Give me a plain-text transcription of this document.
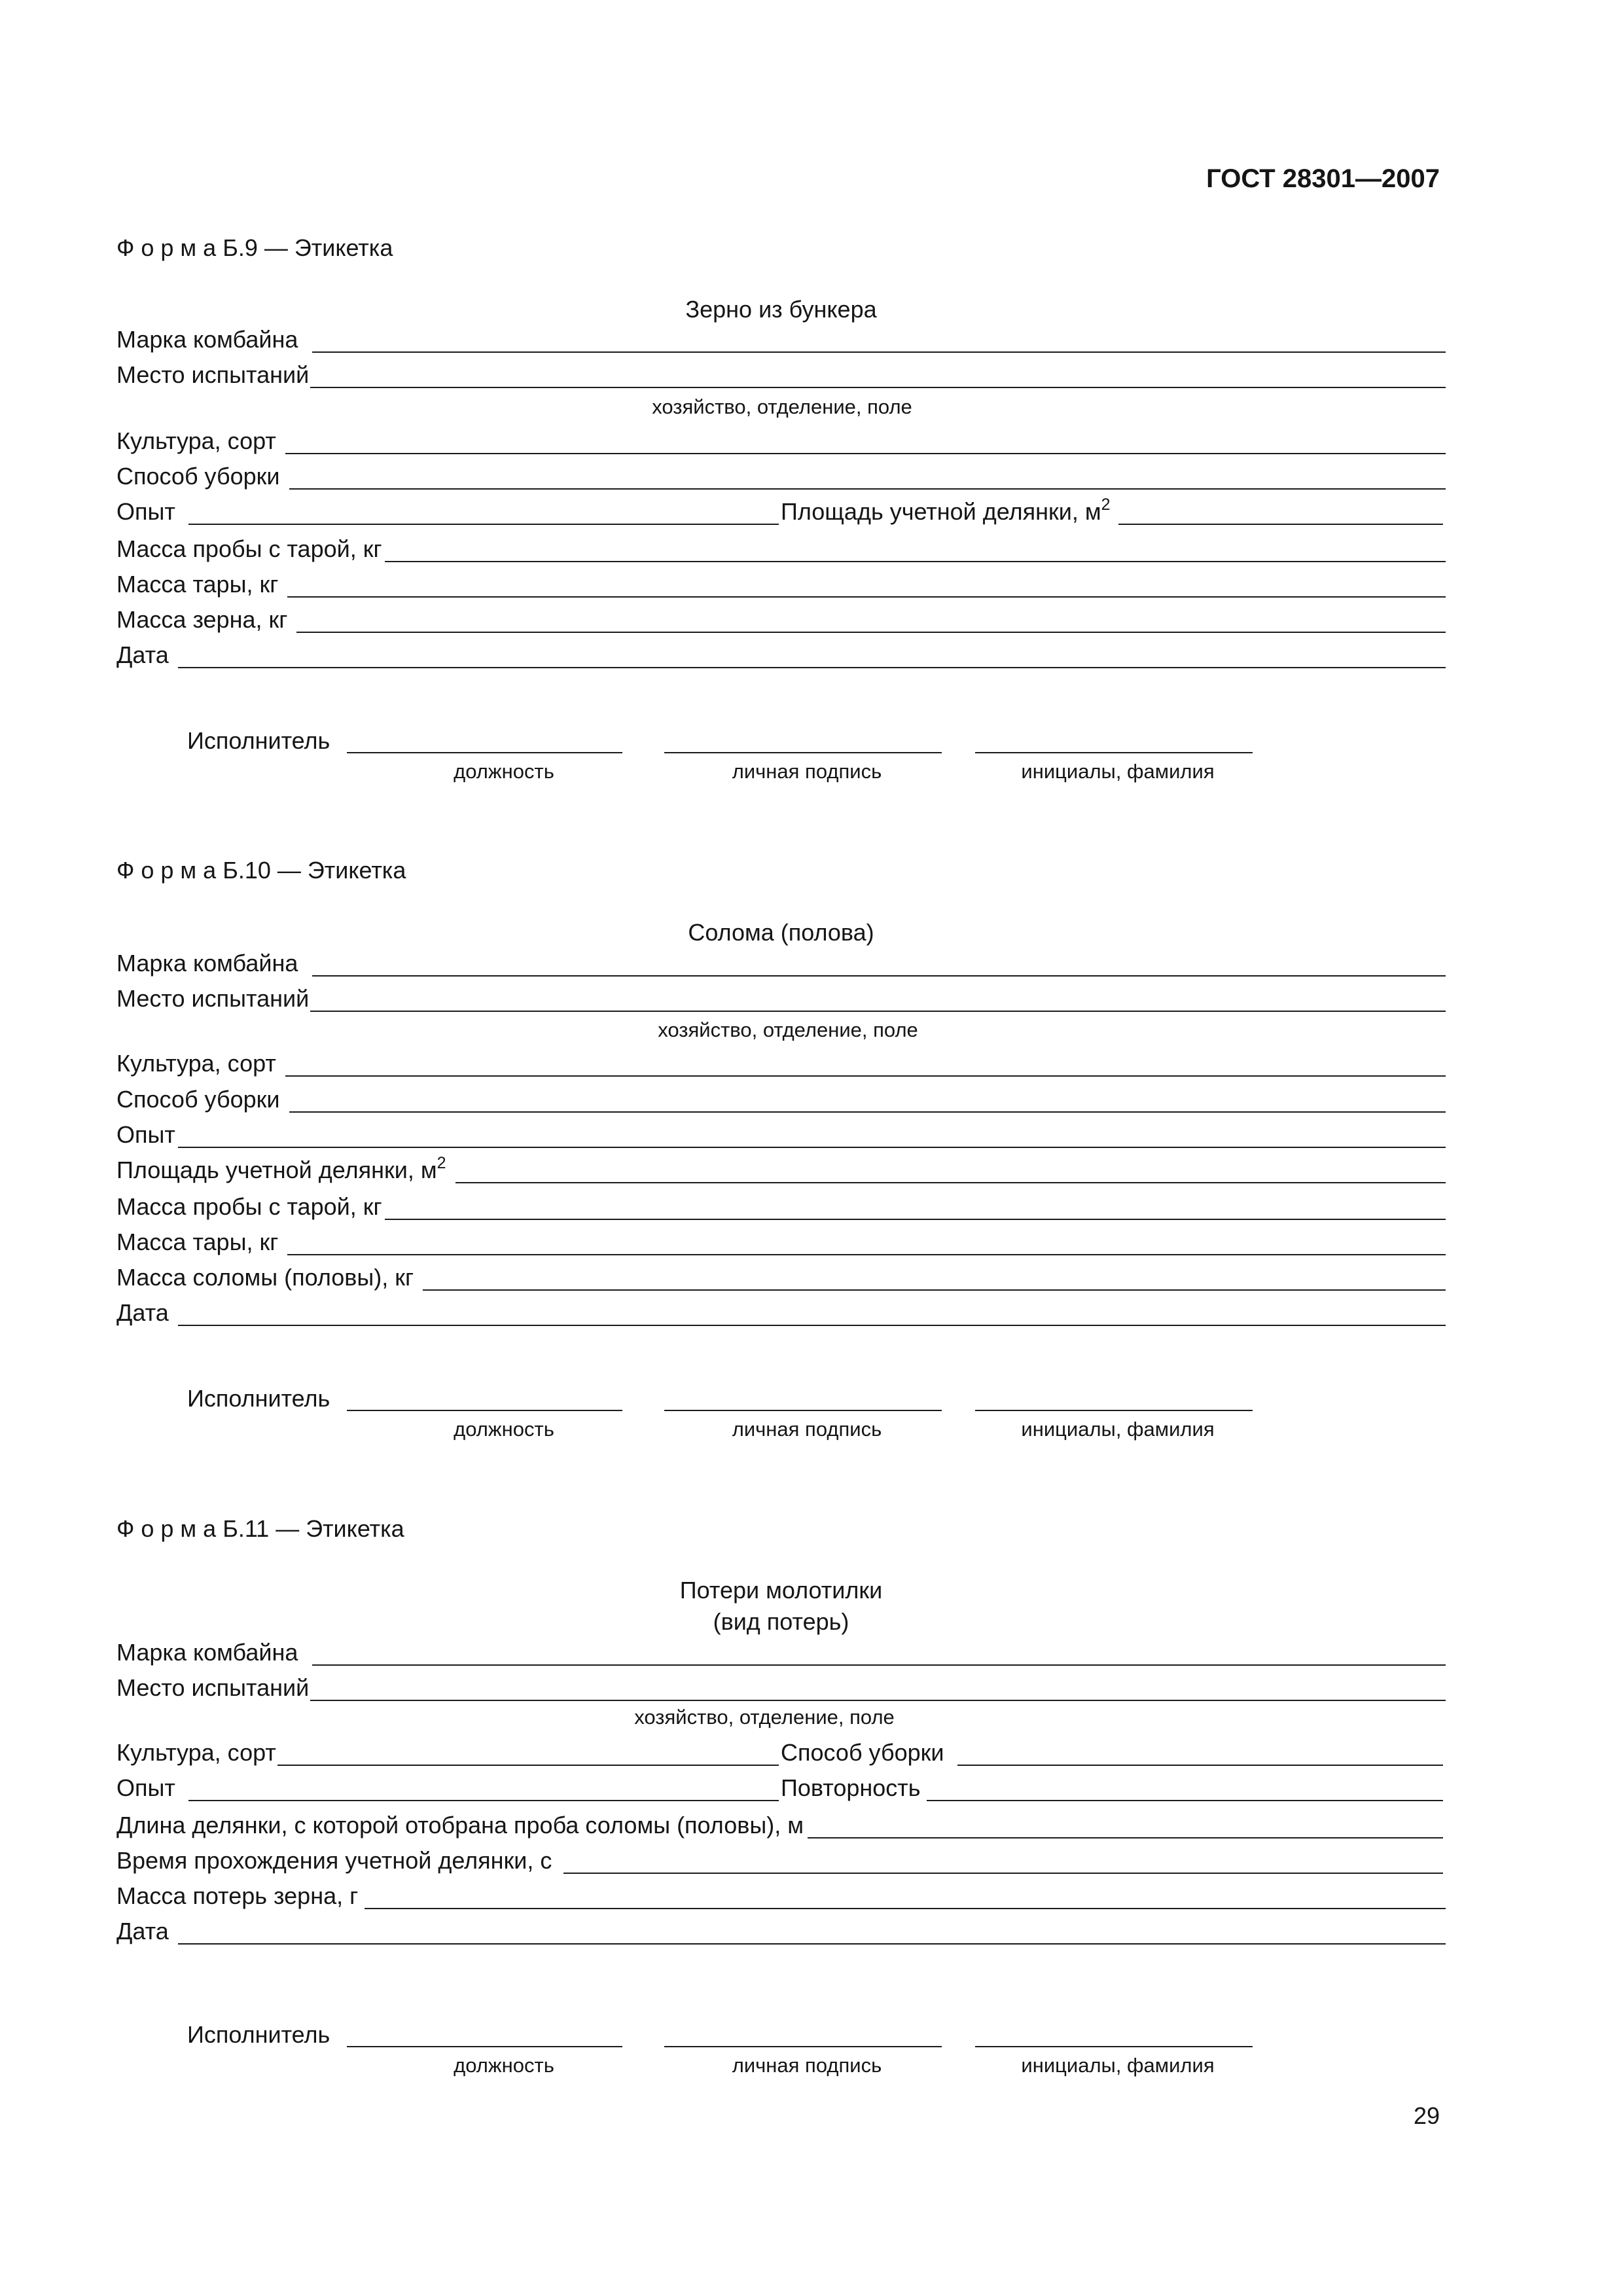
ГОСТ 28301—2007
Ф о р м а Б.9 — Этикетка
Зерно из бункера
Марка комбайна
Место испытаний
хозяйство, отделение, поле
Культура, сорт
Способ уборки
Опыт	Площадь учетной делянки, $м^2$
Масса пробы с тарой, кг
Масса тары, кг
Масса зерна, кг
Дата
Исполнитель
должность	личная подпись	инициалы, фамилия
Ф о р м а Б.10 — Этикетка
Солома (полова)
Марка комбайна
Место испытаний
хозяйство, отделение, поле
Культура, сорт
Способ уборки
Опыт
Площадь учетной делянки, $м^2$
Масса пробы с тарой, кг
Масса тары, кг
Масса соломы (половы), кг
Дата
Исполнитель
должность	личная подпись	инициалы, фамилия
Ф о р м а Б.11 — Этикетка
Потери молотилки
(вид потерь)
Марка комбайна
Место испытаний
хозяйство, отделение, поле
Культура, сорт	Способ уборки
Опыт	Повторность
Длина делянки, с которой отобрана проба соломы (половы), м
Время прохождения учетной делянки, с
Масса потерь зерна, г
Дата
Исполнитель
должность	личная подпись	инициалы, фамилия
29
